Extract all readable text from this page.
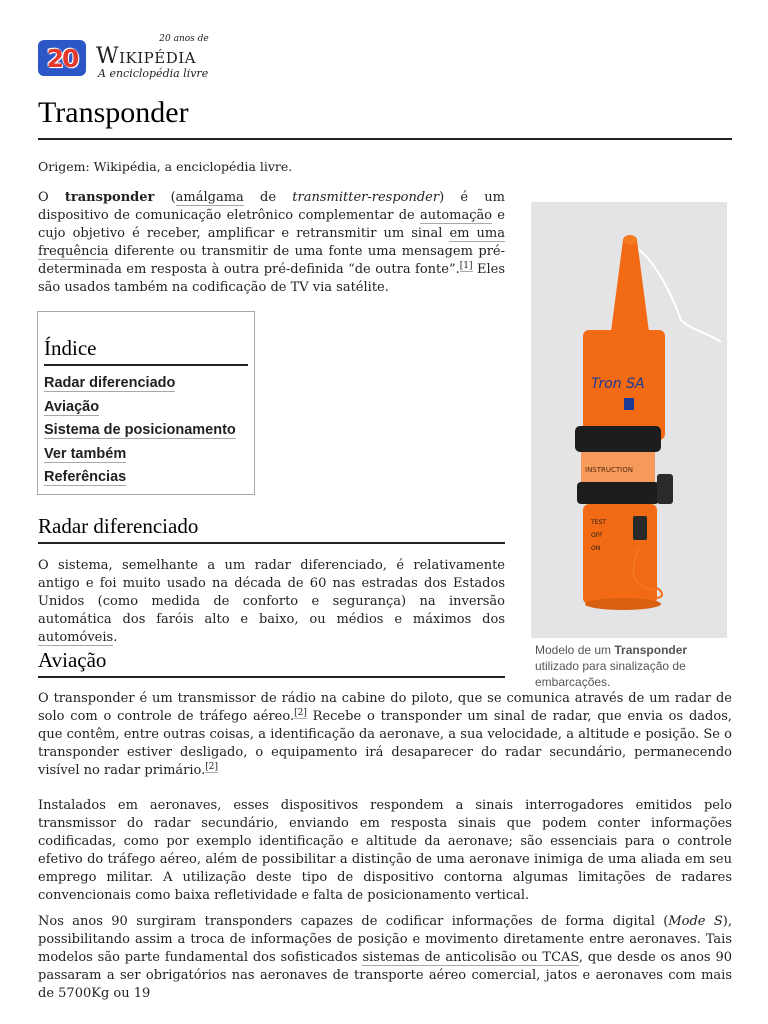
20
20 anos de
Wikipédia
A enciclopédia livre
Transponder

Origem: Wikipédia, a enciclopédia livre.

O transponder (amálgama de transmitter-responder) é um dispositivo de comunicação eletrônico complementar de automação e cujo objetivo é receber, amplificar e retransmitir um sinal em uma frequência diferente ou transmitir de uma fonte uma mensagem pré-determinada em resposta à outra pré-definida “de outra fonte”.[1] Eles são usados também na codificação de TV via satélite.

Tron SA
INSTRUCTION
TEST
OFF
ON
Modelo de um Transponder utilizado para sinalização de embarcações.
Índice
Radar diferenciado
Aviação
Sistema de posicionamento
Ver também
Referências
Radar diferenciado

O sistema, semelhante a um radar diferenciado, é relativamente antigo e foi muito usado na década de 60 nas estradas dos Estados Unidos (como medida de conforto e segurança) na inversão automática dos faróis alto e baixo, ou médios e máximos dos automóveis.

Aviação

O transponder é um transmissor de rádio na cabine do piloto, que se comunica através de um radar de solo com o controle de tráfego aéreo.[2] Recebe o transponder um sinal de radar, que envia os dados, que contêm, entre outras coisas, a identificação da aeronave, a sua velocidade, a altitude e posição. Se o transponder estiver desligado, o equipamento irá desaparecer do radar secundário, permanecendo visível no radar primário.[2]

Instalados em aeronaves, esses dispositivos respondem a sinais interrogadores emitidos pelo transmissor do radar secundário, enviando em resposta sinais que podem conter informações codificadas, como por exemplo identificação e altitude da aeronave; são essenciais para o controle efetivo do tráfego aéreo, além de possibilitar a distinção de uma aeronave inimiga de uma aliada em seu emprego militar. A utilização deste tipo de dispositivo contorna algumas limitações de radares convencionais como baixa refletividade e falta de posicionamento vertical.

Nos anos 90 surgiram transponders capazes de codificar informações de forma digital (Mode S), possibilitando assim a troca de informações de posição e movimento diretamente entre aeronaves. Tais modelos são parte fundamental dos sofisticados sistemas de anticolisão ou TCAS, que desde os anos 90 passaram a ser obrigatórios nas aeronaves de transporte aéreo comercial, jatos e aeronaves com mais de 5700Kg ou 19
